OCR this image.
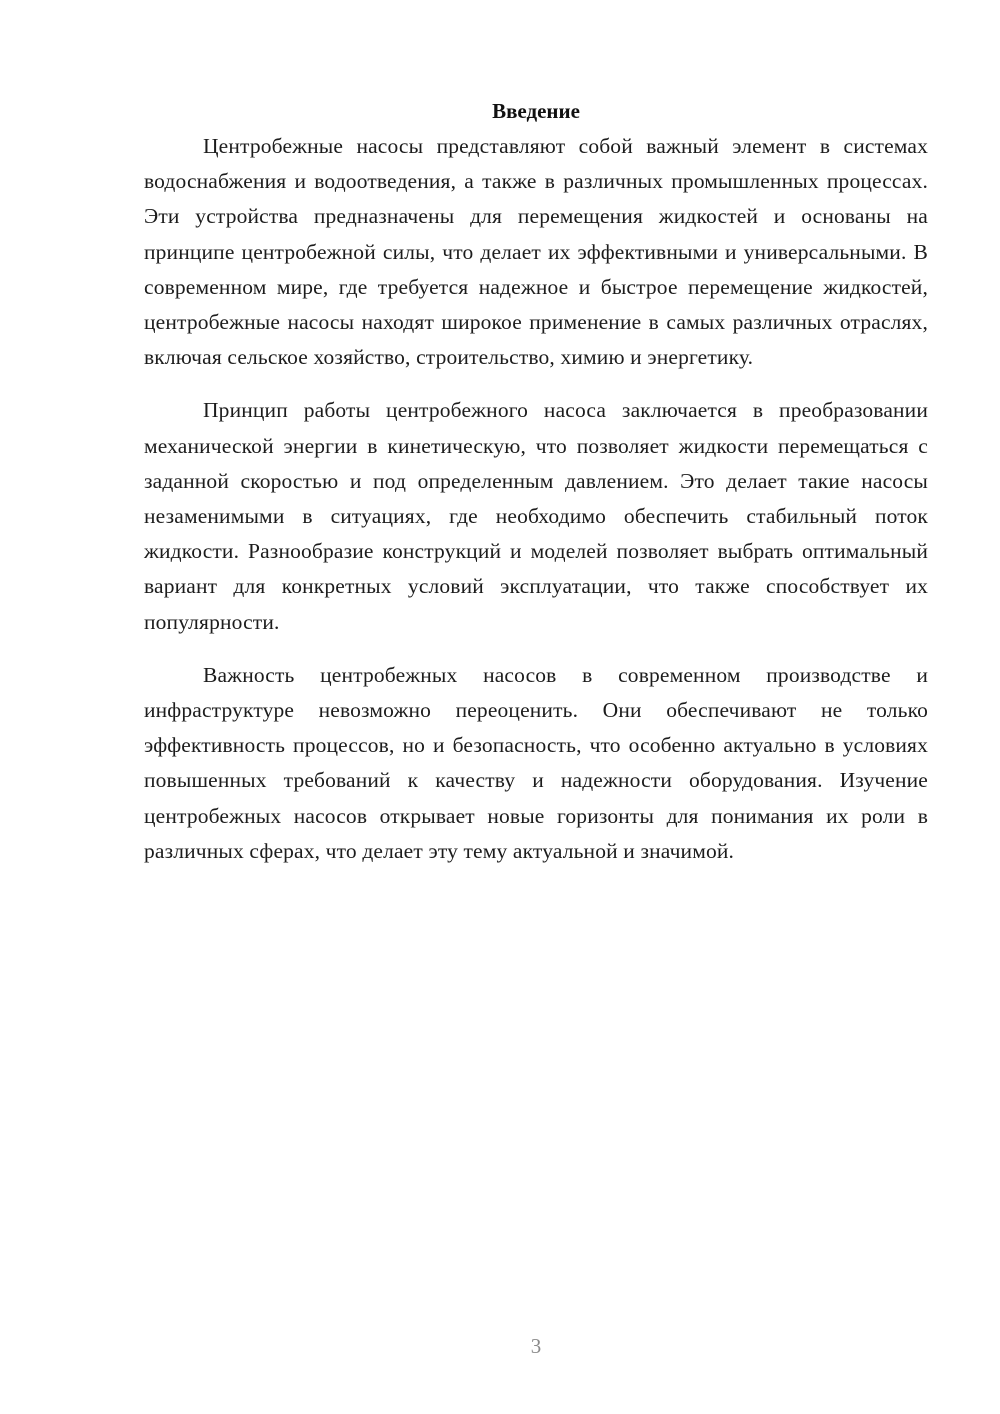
Введение

Центробежные насосы представляют собой важный элемент в системах водоснабжения и водоотведения, а также в различных промышленных процессах. Эти устройства предназначены для перемещения жидкостей и основаны на принципе центробежной силы, что делает их эффективными и универсальными. В современном мире, где требуется надежное и быстрое перемещение жидкостей, центробежные насосы находят широкое применение в самых различных отраслях, включая сельское хозяйство, строительство, химию и энергетику.

Принцип работы центробежного насоса заключается в преобразовании механической энергии в кинетическую, что позволяет жидкости перемещаться с заданной скоростью и под определенным давлением. Это делает такие насосы незаменимыми в ситуациях, где необходимо обеспечить стабильный поток жидкости. Разнообразие конструкций и моделей позволяет выбрать оптимальный вариант для конкретных условий эксплуатации, что также способствует их популярности.

Важность центробежных насосов в современном производстве и инфраструктуре невозможно переоценить. Они обеспечивают не только эффективность процессов, но и безопасность, что особенно актуально в условиях повышенных требований к качеству и надежности оборудования. Изучение центробежных насосов открывает новые горизонты для понимания их роли в различных сферах, что делает эту тему актуальной и значимой.

3
